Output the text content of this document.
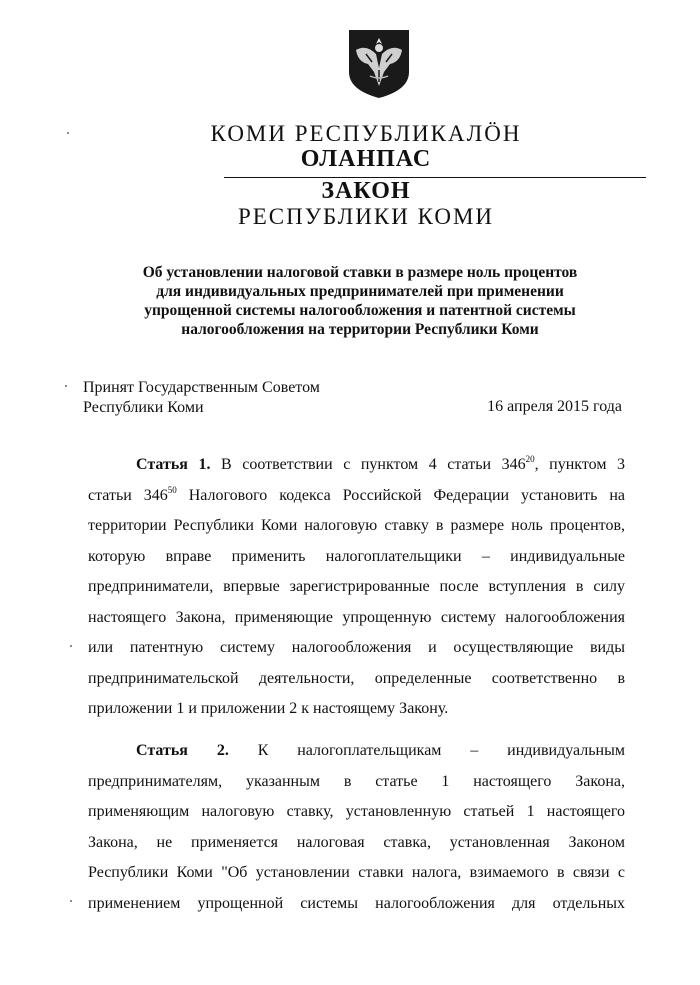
КОМИ РЕСПУБЛИКАЛӦН
ОЛАНПАС
ЗАКОН
РЕСПУБЛИКИ КОМИ
Об установлении налоговой ставки в размере ноль процентов
для индивидуальных предпринимателей при применении
упрощенной системы налогообложения и патентной системы
налогообложения на территории Республики Коми
Принят Государственным Советом
Республики Коми	16 апреля 2015 года
Статья 1. В соответствии с пунктом 4 статьи $346^{20}$, пунктом 3
статьи $346^{50}$ Налогового кодекса Российской Федерации установить на
территории Республики Коми налоговую ставку в размере ноль процентов,
которую вправе применить налогоплательщики – индивидуальные
предприниматели, впервые зарегистрированные после вступления в силу
настоящего Закона, применяющие упрощенную систему налогообложения
или патентную систему налогообложения и осуществляющие виды
предпринимательской деятельности, определенные соответственно в
приложении 1 и приложении 2 к настоящему Закону.
Статья 2. К налогоплательщикам – индивидуальным
предпринимателям, указанным в статье 1 настоящего Закона,
применяющим налоговую ставку, установленную статьей 1 настоящего
Закона, не применяется налоговая ставка, установленная Законом
Республики Коми "Об установлении ставки налога, взимаемого в связи с
применением упрощенной системы налогообложения для отдельных
